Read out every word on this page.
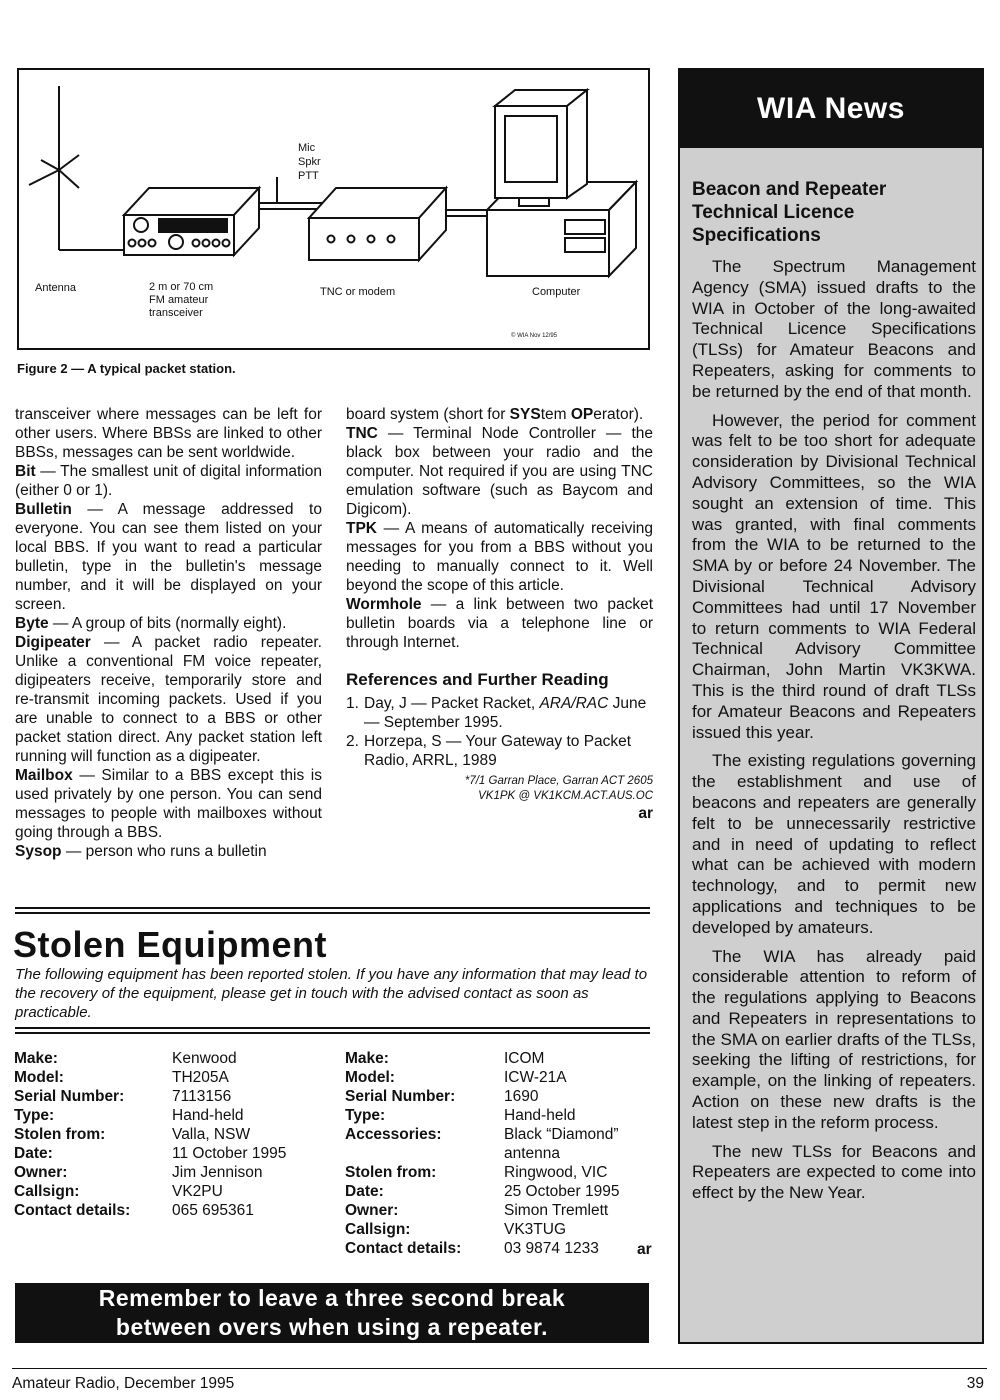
Antenna	2 m or 70 cm
FM amateur
transceiver
TNC or modem	Computer
Mic
Spkr
PTT
© WIA Nov 12/95
Figure 2 — A typical packet station.

transceiver where messages can be left for other users. Where BBSs are linked to other BBSs, messages can be sent worldwide.

Bit — The smallest unit of digital information (either 0 or 1).

Bulletin — A message addressed to everyone. You can see them listed on your local BBS. If you want to read a particular bulletin, type in the bulletin's message number, and it will be displayed on your screen.

Byte — A group of bits (normally eight).

Digipeater — A packet radio repeater. Unlike a conventional FM voice repeater, digipeaters receive, temporarily store and re-transmit incoming packets. Used if you are unable to connect to a BBS or other packet station direct. Any packet station left running will function as a digipeater.

Mailbox — Similar to a BBS except this is used privately by one person. You can send messages to people with mailboxes without going through a BBS.

Sysop — person who runs a bulletin

board system (short for SYStem OPerator).

TNC — Terminal Node Controller — the black box between your radio and the computer. Not required if you are using TNC emulation software (such as Baycom and Digicom).

TPK — A means of automatically receiving messages for you from a BBS without you needing to manually connect to it. Well beyond the scope of this article.

Wormhole — a link between two packet bulletin boards via a telephone line or through Internet.

References and Further Reading
1. Day, J — Packet Racket, ARA/RAC June — September 1995.
2. Horzepa, S — Your Gateway to Packet Radio, ARRL, 1989
*7/1 Garran Place, Garran ACT 2605
VK1PK @ VK1KCM.ACT.AUS.OC
ar
Stolen Equipment
The following equipment has been reported stolen. If you have any information that may lead to the recovery of the equipment, please get in touch with the advised contact as soon as practicable.
Make:	Kenwood
Model:	TH205A
Serial Number:	7113156
Type:	Hand-held
Stolen from:	Valla, NSW
Date:	11 October 1995
Owner:	Jim Jennison
Callsign:	VK2PU
Contact details:	065 695361
Make:	ICOM
Model:	ICW-21A
Serial Number:	1690
Type:	Hand-held
Accessories:	Black “Diamond” antenna
Stolen from:	Ringwood, VIC
Date:	25 October 1995
Owner:	Simon Tremlett
Callsign:	VK3TUG
Contact details:	03 9874 1233	ar
Remember to leave a three second break
between overs when using a repeater.
WIA News
Beacon and Repeater Technical Licence Specifications

The Spectrum Management Agency (SMA) issued drafts to the WIA in October of the long-awaited Technical Licence Specifications (TLSs) for Amateur Beacons and Repeaters, asking for comments to be returned by the end of that month.

However, the period for comment was felt to be too short for adequate consideration by Divisional Technical Advisory Committees, so the WIA sought an extension of time. This was granted, with final comments from the WIA to be returned to the SMA by or before 24 November. The Divisional Technical Advisory Committees had until 17 November to return comments to WIA Federal Technical Advisory Committee Chairman, John Martin VK3KWA. This is the third round of draft TLSs for Amateur Beacons and Repeaters issued this year.

The existing regulations governing the establishment and use of beacons and repeaters are generally felt to be unnecessarily restrictive and in need of updating to reflect what can be achieved with modern technology, and to permit new applications and techniques to be developed by amateurs.

The WIA has already paid considerable attention to reform of the regulations applying to Beacons and Repeaters in representations to the SMA on earlier drafts of the TLSs, seeking the lifting of restrictions, for example, on the linking of repeaters. Action on these new drafts is the latest step in the reform process.

The new TLSs for Beacons and Repeaters are expected to come into effect by the New Year.

Amateur Radio, December 1995	39
